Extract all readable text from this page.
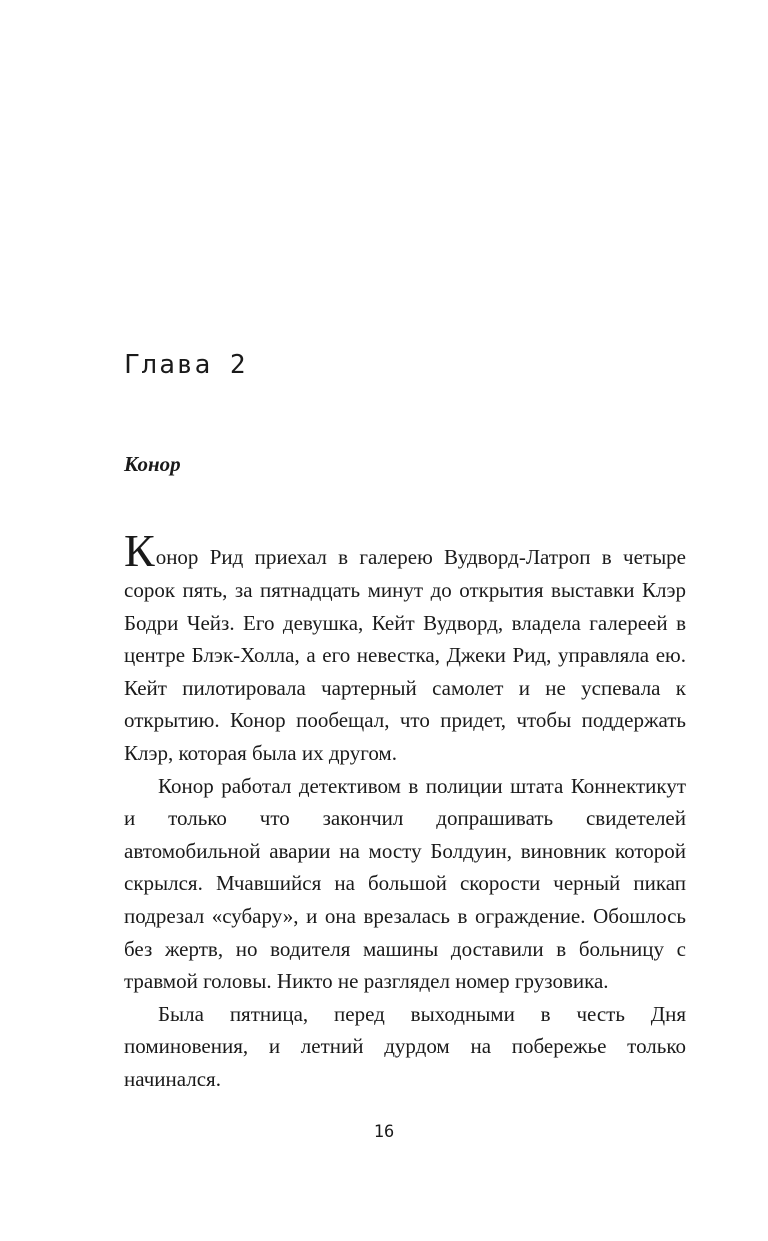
Глава 2
Конор

Конор Рид приехал в галерею Вудворд-Латроп в четыре сорок пять, за пятнадцать минут до открытия выставки Клэр Бодри Чейз. Его девушка, Кейт Вудворд, владела галереей в центре Блэк-Холла, а его невестка, Джеки Рид, управляла ею. Кейт пилотировала чартерный самолет и не успевала к открытию. Конор пообещал, что придет, чтобы поддержать Клэр, которая была их другом.

Конор работал детективом в полиции штата Коннектикут и только что закончил допрашивать свидетелей автомобильной аварии на мосту Болдуин, виновник которой скрылся. Мчавшийся на большой скорости черный пикап подрезал «субару», и она врезалась в ограждение. Обошлось без жертв, но водителя машины доставили в больницу с травмой головы. Никто не разглядел номер грузовика.

Была пятница, перед выходными в честь Дня поминовения, и летний дурдом на побережье только начинался.

16
